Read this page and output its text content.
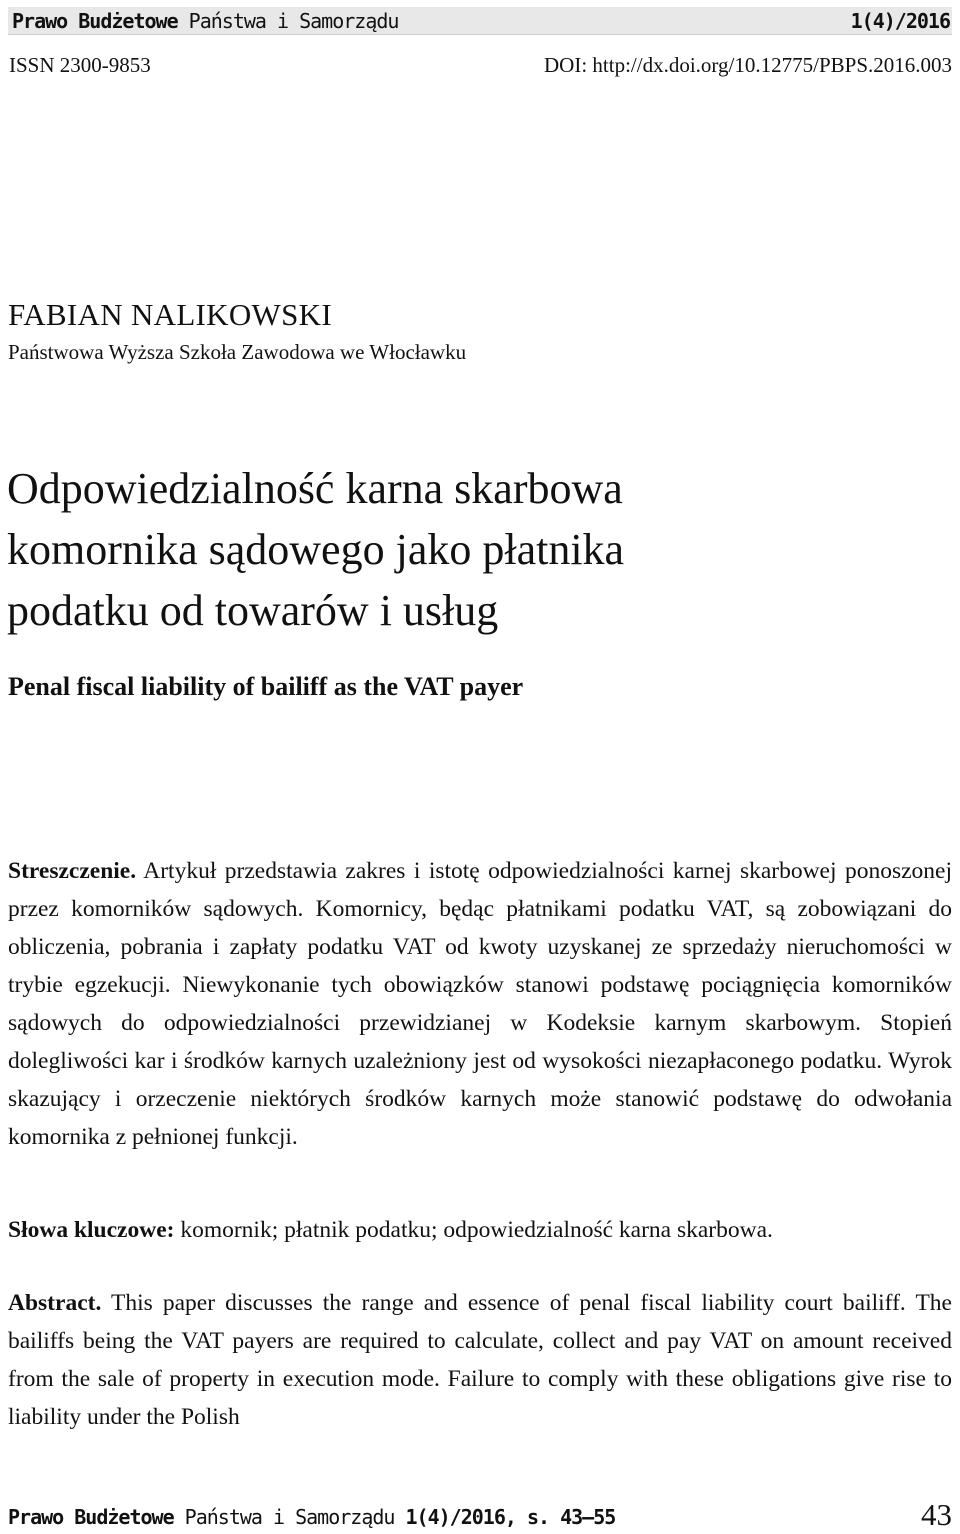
Prawo Budżetowe Państwa i Samorządu	1(4)/2016
ISSN 2300-9853	DOI: http://dx.doi.org/10.12775/PBPS.2016.003
FABIAN NALIKOWSKI
Państwowa Wyższa Szkoła Zawodowa we Włocławku
Odpowiedzialność karna skarbowa
komornika sądowego jako płatnika
podatku od towarów i usług
Penal fiscal liability of bailiff as the VAT payer

Streszczenie. Artykuł przedstawia zakres i istotę odpowiedzialności karnej skarbowej ponoszonej przez komorników sądowych. Komornicy, będąc płatnikami podatku VAT, są zobowiązani do obliczenia, pobrania i zapłaty podatku VAT od kwoty uzyskanej ze sprzedaży nieruchomości w trybie egzekucji. Niewykonanie tych obowiązków stanowi podstawę pociągnięcia komorników sądowych do odpowiedzialności przewidzianej w Kodeksie karnym skarbowym. Stopień dolegliwości kar i środków karnych uzależniony jest od wysokości niezapłaconego podatku. Wyrok skazujący i orzeczenie niektórych środków karnych może stanowić podstawę do odwołania komornika z pełnionej funkcji.

Słowa kluczowe: komornik; płatnik podatku; odpowiedzialność karna skarbowa.

Abstract. This paper discusses the range and essence of penal fiscal liability court bailiff. The bailiffs being the VAT payers are required to calculate, collect and pay VAT on amount received from the sale of property in execution mode. Failure to comply with these obligations give rise to liability under the Polish

Prawo Budżetowe Państwa i Samorządu 1(4)/2016, s. 43–55	43
